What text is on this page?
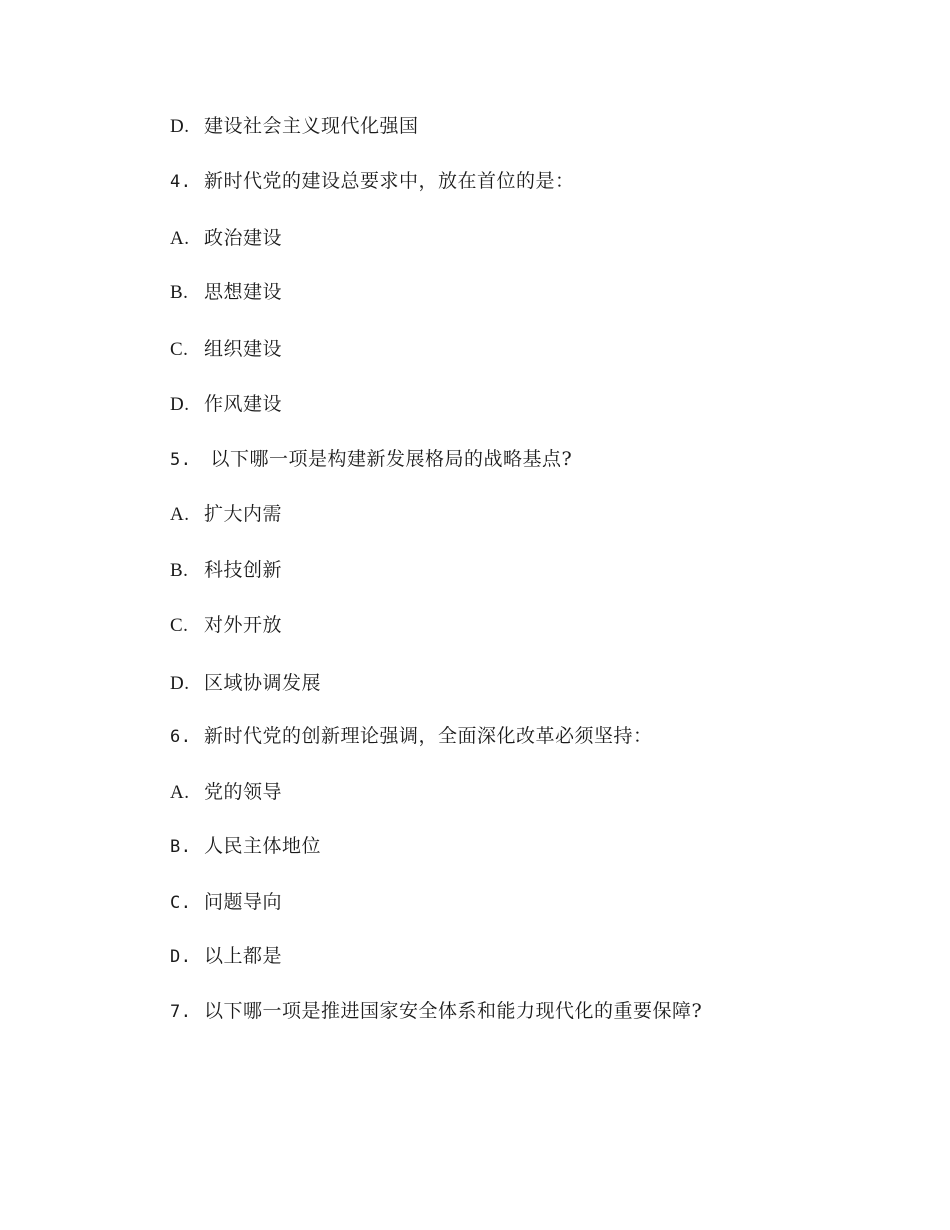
D. 建设社会主义现代化强国
4. 新时代党的建设总要求中，放在首位的是：
A. 政治建设
B. 思想建设
C. 组织建设
D. 作风建设
5. 以下哪一项是构建新发展格局的战略基点?
A. 扩大内需
B. 科技创新
C. 对外开放
D. 区域协调发展
6. 新时代党的创新理论强调，全面深化改革必须坚持：
A. 党的领导
B. 人民主体地位
C. 问题导向
D. 以上都是
7. 以下哪一项是推进国家安全体系和能力现代化的重要保障?
